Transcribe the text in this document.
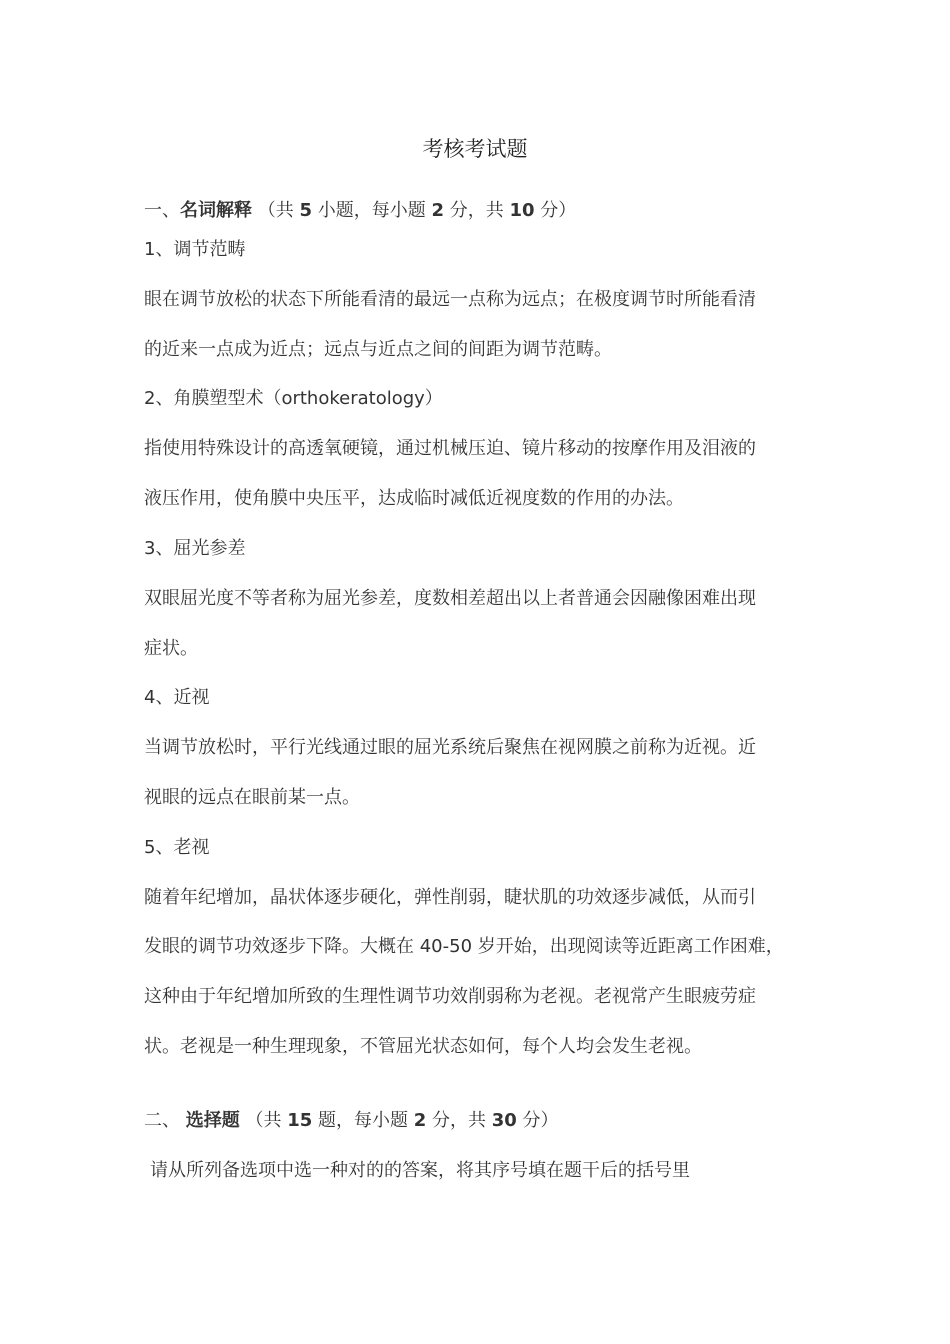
考核考试题
一、名词解释 （共 5 小题，每小题 2 分，共 10 分）
1、调节范畴
眼在调节放松的状态下所能看清的最远一点称为远点；在极度调节时所能看清
的近来一点成为近点；远点与近点之间的间距为调节范畴。
2、角膜塑型术（orthokeratology）
指使用特殊设计的高透氧硬镜，通过机械压迫、镜片移动的按摩作用及泪液的
液压作用，使角膜中央压平，达成临时减低近视度数的作用的办法。
3、屈光参差
双眼屈光度不等者称为屈光参差，度数相差超出以上者普通会因融像困难出现
症状。
4、近视
当调节放松时，平行光线通过眼的屈光系统后聚焦在视网膜之前称为近视。近
视眼的远点在眼前某一点。
5、老视
随着年纪增加，晶状体逐步硬化，弹性削弱，睫状肌的功效逐步减低，从而引
发眼的调节功效逐步下降。大概在 40-50 岁开始，出现阅读等近距离工作困难，
这种由于年纪增加所致的生理性调节功效削弱称为老视。老视常产生眼疲劳症
状。老视是一种生理现象，不管屈光状态如何，每个人均会发生老视。
二、 选择题 （共 15 题，每小题 2 分，共 30 分）
请从所列备选项中选一种对的的答案，将其序号填在题干后的括号里
